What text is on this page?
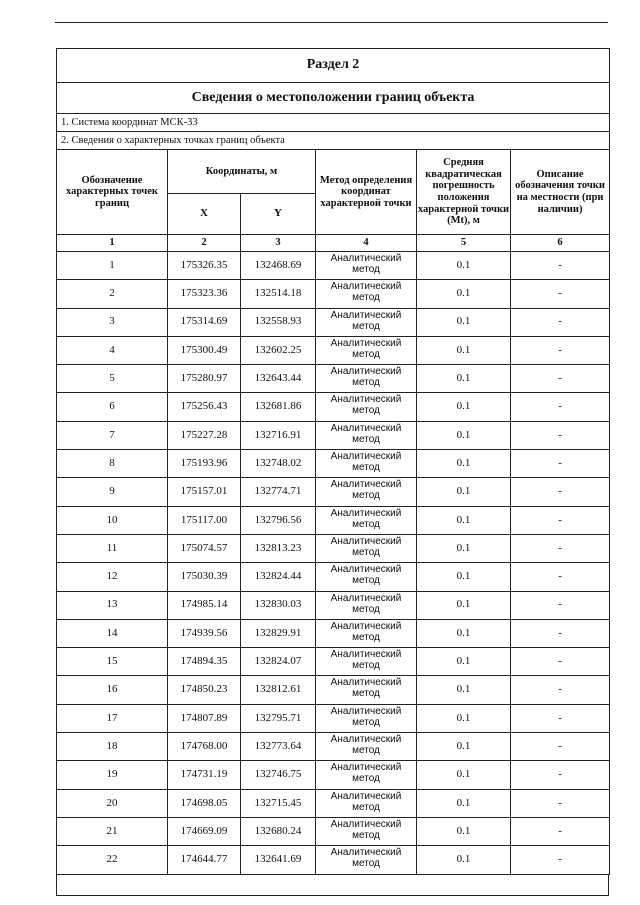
Раздел 2					
Сведения о местоположении границ объекта					
1. Система координат МСК-33					
2. Сведения о характерных точках границ объекта					
Обозначение характерных точек границ	Координаты, м		Метод определения координат характерной точки	Средняя квадратическая погрешность положения характерной точки (Mt), м	Описание обозначения точки на местности (при наличии)
	X	Y			
1	2	3	4	5	6
1	175326.35	132468.69	Аналитический метод	0.1	-
2	175323.36	132514.18	Аналитический метод	0.1	-
3	175314.69	132558.93	Аналитический метод	0.1	-
4	175300.49	132602.25	Аналитический метод	0.1	-
5	175280.97	132643.44	Аналитический метод	0.1	-
6	175256.43	132681.86	Аналитический метод	0.1	-
7	175227.28	132716.91	Аналитический метод	0.1	-
8	175193.96	132748.02	Аналитический метод	0.1	-
9	175157.01	132774.71	Аналитический метод	0.1	-
10	175117.00	132796.56	Аналитический метод	0.1	-
11	175074.57	132813.23	Аналитический метод	0.1	-
12	175030.39	132824.44	Аналитический метод	0.1	-
13	174985.14	132830.03	Аналитический метод	0.1	-
14	174939.56	132829.91	Аналитический метод	0.1	-
15	174894.35	132824.07	Аналитический метод	0.1	-
16	174850.23	132812.61	Аналитический метод	0.1	-
17	174807.89	132795.71	Аналитический метод	0.1	-
18	174768.00	132773.64	Аналитический метод	0.1	-
19	174731.19	132746.75	Аналитический метод	0.1	-
20	174698.05	132715.45	Аналитический метод	0.1	-
21	174669.09	132680.24	Аналитический метод	0.1	-
22	174644.77	132641.69	Аналитический метод	0.1	-
